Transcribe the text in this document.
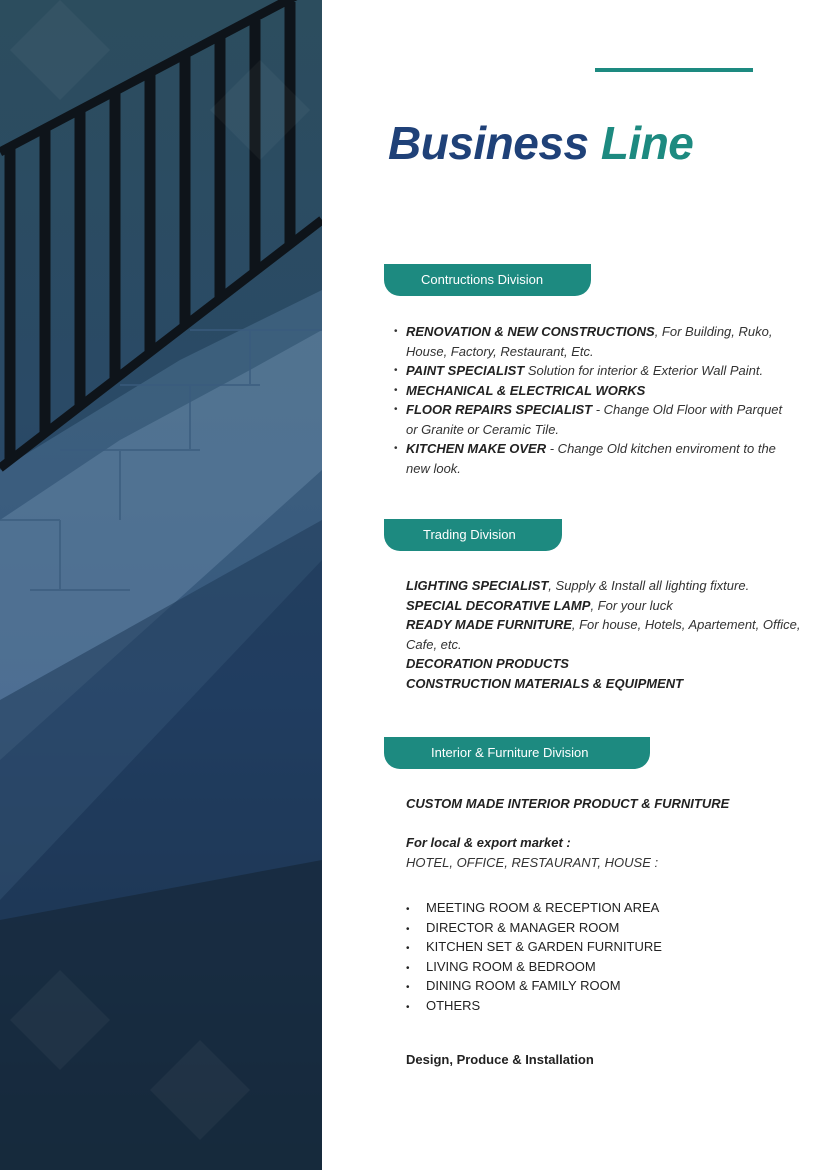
Business Line
Contructions Division
• RENOVATION & NEW CONSTRUCTIONS, For Building, Ruko, House, Factory, Restaurant, Etc.
• PAINT SPECIALIST Solution for interior & Exterior Wall Paint.
• MECHANICAL & ELECTRICAL WORKS
• FLOOR REPAIRS SPECIALIST - Change Old Floor with Parquet or Granite or Ceramic Tile.
• KITCHEN MAKE OVER - Change Old kitchen enviroment to the new look.
Trading Division
LIGHTING SPECIALIST, Supply & Install all lighting fixture.
SPECIAL DECORATIVE LAMP, For your luck
READY MADE FURNITURE, For house, Hotels, Apartement, Office, Cafe, etc.
DECORATION PRODUCTS
CONSTRUCTION MATERIALS & EQUIPMENT
Interior & Furniture Division
CUSTOM MADE INTERIOR PRODUCT & FURNITURE
For local & export market :
HOTEL, OFFICE, RESTAURANT, HOUSE :
• MEETING ROOM & RECEPTION AREA
• DIRECTOR & MANAGER ROOM
• KITCHEN SET & GARDEN FURNITURE
• LIVING ROOM & BEDROOM
• DINING ROOM & FAMILY ROOM
• OTHERS
Design, Produce & Installation
